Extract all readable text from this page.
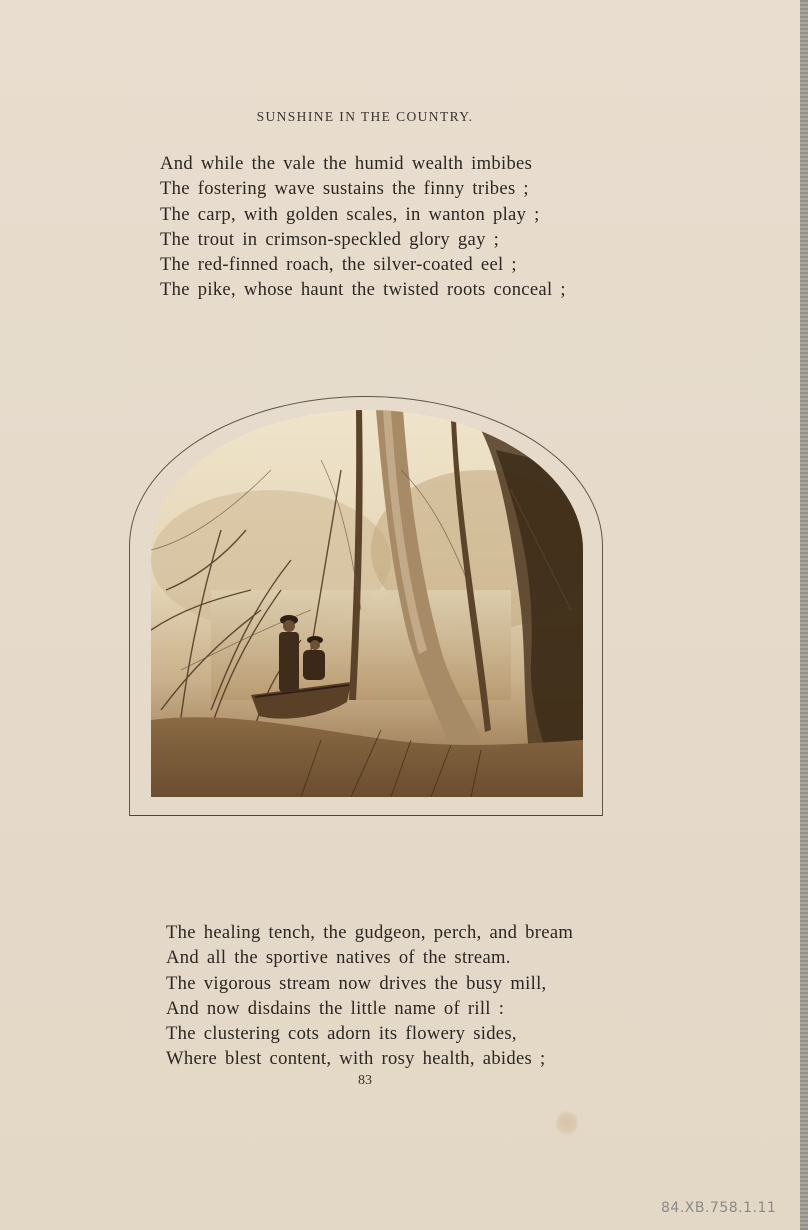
SUNSHINE IN THE COUNTRY.
And while the vale the humid wealth imbibes
The fostering wave sustains the finny tribes ;
The carp, with golden scales, in wanton play ;
The trout in crimson-speckled glory gay ;
The red-finned roach, the silver-coated eel ;
The pike, whose haunt the twisted roots conceal ;
The healing tench, the gudgeon, perch, and bream
And all the sportive natives of the stream.
The vigorous stream now drives the busy mill,
And now disdains the little name of rill :
The clustering cots adorn its flowery sides,
Where blest content, with rosy health, abides ;
83
84.XB.758.1.11
